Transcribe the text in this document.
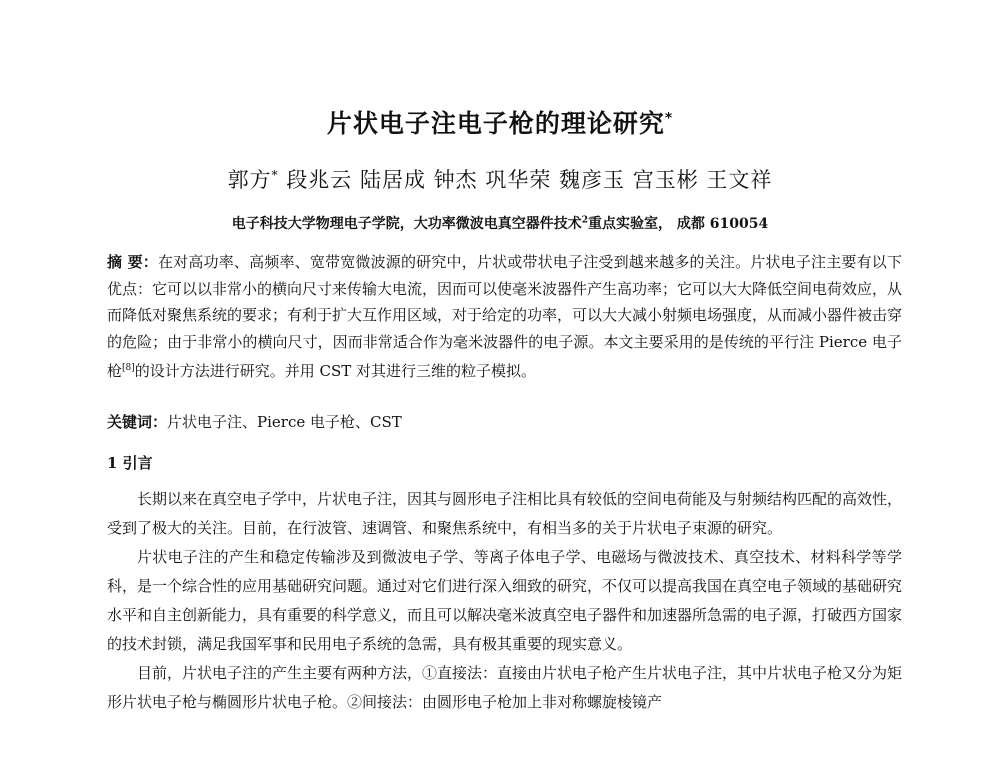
片状电子注电子枪的理论研究*
郭方* 段兆云 陆居成 钟杰 巩华荣 魏彦玉 宫玉彬 王文祥
电子科技大学物理电子学院，大功率微波电真空器件技术$^2$重点实验室， 成都 610054

摘 要：在对高功率、高频率、宽带宽微波源的研究中，片状或带状电子注受到越来越多的关注。片状电子注主要有以下优点：它可以以非常小的横向尺寸来传输大电流，因而可以使毫米波器件产生高功率；它可以大大降低空间电荷效应，从而降低对聚焦系统的要求；有利于扩大互作用区域，对于给定的功率，可以大大减小射频电场强度，从而减小器件被击穿的危险；由于非常小的横向尺寸，因而非常适合作为毫米波器件的电子源。本文主要采用的是传统的平行注 Pierce 电子枪[8]的设计方法进行研究。并用 CST 对其进行三维的粒子模拟。

关键词：片状电子注、Pierce 电子枪、CST

1 引言

长期以来在真空电子学中，片状电子注，因其与圆形电子注相比具有较低的空间电荷能及与射频结构匹配的高效性，受到了极大的关注。目前，在行波管、速调管、和聚焦系统中，有相当多的关于片状电子束源的研究。

片状电子注的产生和稳定传输涉及到微波电子学、等离子体电子学、电磁场与微波技术、真空技术、材料科学等学科，是一个综合性的应用基础研究问题。通过对它们进行深入细致的研究，不仅可以提高我国在真空电子领域的基础研究水平和自主创新能力，具有重要的科学意义，而且可以解决毫米波真空电子器件和加速器所急需的电子源，打破西方国家的技术封锁，满足我国军事和民用电子系统的急需，具有极其重要的现实意义。

目前，片状电子注的产生主要有两种方法，①直接法：直接由片状电子枪产生片状电子注，其中片状电子枪又分为矩形片状电子枪与椭圆形片状电子枪。②间接法：由圆形电子枪加上非对称螺旋棱镜产
